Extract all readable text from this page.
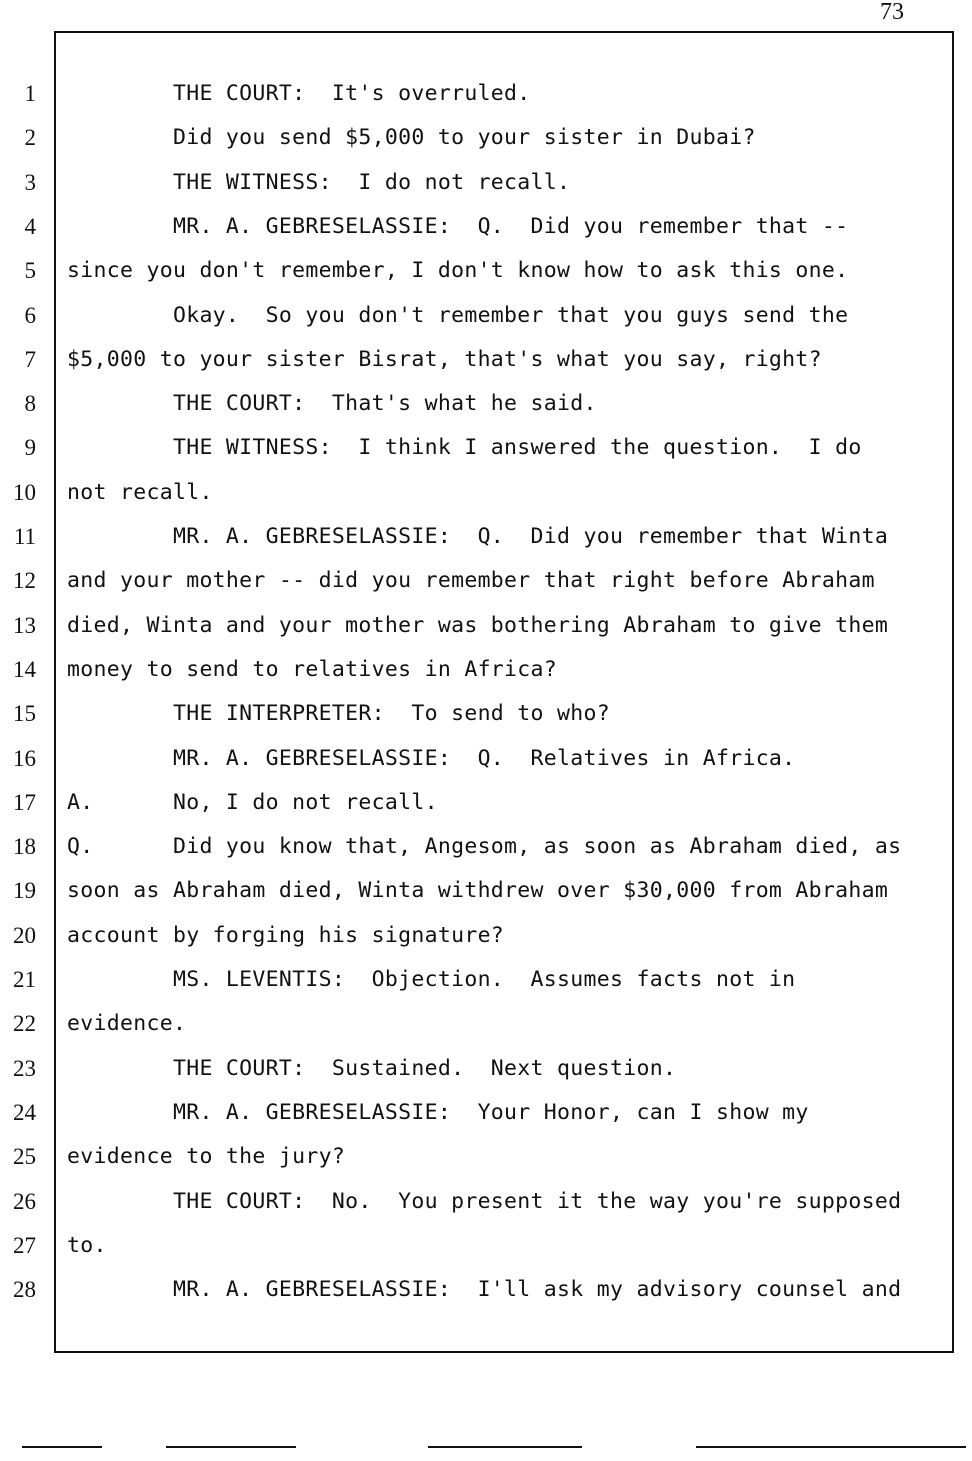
73
1
2
3
4
5
6
7
8
9
10
11
12
13
14
15
16
17
18
19
20
21
22
23
24
25
26
27
28
THE COURT:  It's overruled.
Did you send $5,000 to your sister in Dubai?
THE WITNESS:  I do not recall.
MR. A. GEBRESELASSIE:  Q.  Did you remember that --
since you don't remember, I don't know how to ask this one.
Okay.  So you don't remember that you guys send the
$5,000 to your sister Bisrat, that's what you say, right?
THE COURT:  That's what he said.
THE WITNESS:  I think I answered the question.  I do
not recall.
MR. A. GEBRESELASSIE:  Q.  Did you remember that Winta
and your mother -- did you remember that right before Abraham
died, Winta and your mother was bothering Abraham to give them
money to send to relatives in Africa?
THE INTERPRETER:  To send to who?
MR. A. GEBRESELASSIE:  Q.  Relatives in Africa.
A.      No, I do not recall.
Q.      Did you know that, Angesom, as soon as Abraham died, as
soon as Abraham died, Winta withdrew over $30,000 from Abraham
account by forging his signature?
MS. LEVENTIS:  Objection.  Assumes facts not in
evidence.
THE COURT:  Sustained.  Next question.
MR. A. GEBRESELASSIE:  Your Honor, can I show my
evidence to the jury?
THE COURT:  No.  You present it the way you're supposed
to.
MR. A. GEBRESELASSIE:  I'll ask my advisory counsel and
